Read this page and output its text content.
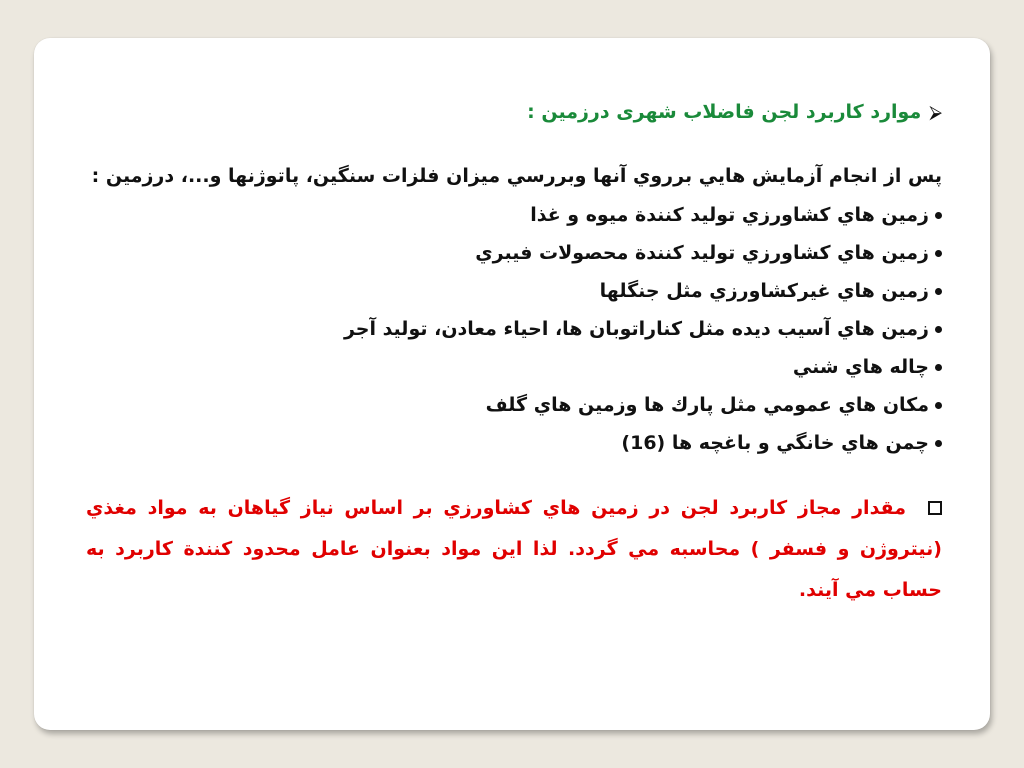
⮚
موارد کاربرد لجن فاضلاب شهری درزمین :
پس از انجام آزمايش هايي برروي آنها وبررسي ميزان فلزات سنگين، پاتوژنها و...، درزمين :
زمين هاي كشاورزي توليد كنندة ميوه و غذا
زمين هاي كشاورزي توليد كنندة محصولات فيبري
زمين هاي غيركشاورزي مثل جنگلها
زمين هاي آسيب ديده مثل كناراتوبان ها، احياء معادن، توليد آجر
چاله هاي شني
مكان هاي عمومي مثل پارك ها وزمين هاي گلف
چمن هاي خانگي و باغچه ها (16)
مقدار مجاز کاربرد لجن در زمين هاي كشاورزي بر اساس نياز گياهان به مواد مغذي (نيتروژن و فسفر ) محاسبه مي گردد. لذا اين مواد بعنوان عامل محدود كنندة کاربرد به حساب مي آيند.
